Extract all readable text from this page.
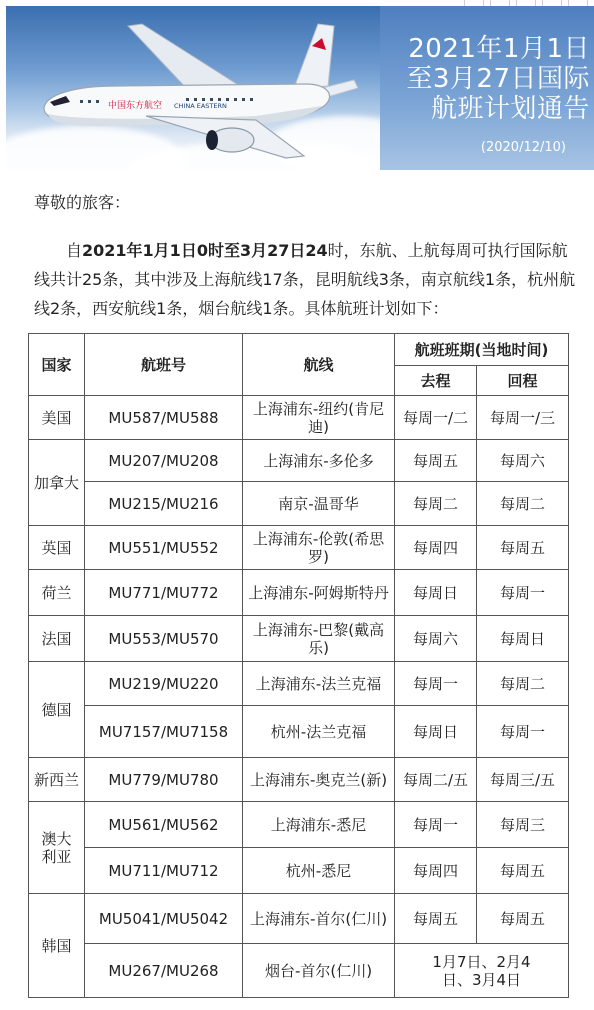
中国东方航空 CHINA EASTERN
2021年1月1日
至3月27日国际
航班计划通告
(2020/12/10)
尊敬的旅客：
自2021年1月1日0时至3月27日24时，东航、上航每周可执行国际航线共计25条，其中涉及上海航线17条，昆明航线3条，南京航线1条，杭州航线2条，西安航线1条，烟台航线1条。具体航班计划如下：
国家	航班号	航线	航班班期(当地时间)	
			去程	回程
美国	MU587/MU588	上海浦东-纽约(肯尼迪)	每周一/二	每周一/三
加拿大	MU207/MU208	上海浦东-多伦多	每周五	每周六
	MU215/MU216	南京-温哥华	每周二	每周二
英国	MU551/MU552	上海浦东-伦敦(希思罗)	每周四	每周五
荷兰	MU771/MU772	上海浦东-阿姆斯特丹	每周日	每周一
法国	MU553/MU570	上海浦东-巴黎(戴高乐)	每周六	每周日
德国	MU219/MU220	上海浦东-法兰克福	每周一	每周二
	MU7157/MU7158	杭州-法兰克福	每周日	每周一
新西兰	MU779/MU780	上海浦东-奥克兰(新)	每周二/五	每周三/五

澳大利亚	MU561/MU562	上海浦东-悉尼	每周一	每周三
	MU711/MU712	杭州-悉尼	每周四	每周五
韩国	MU5041/MU5042	上海浦东-首尔(仁川)	每周五	每周五
	MU267/MU268	烟台-首尔(仁川)	1月7日、2月4日、3月4日	
